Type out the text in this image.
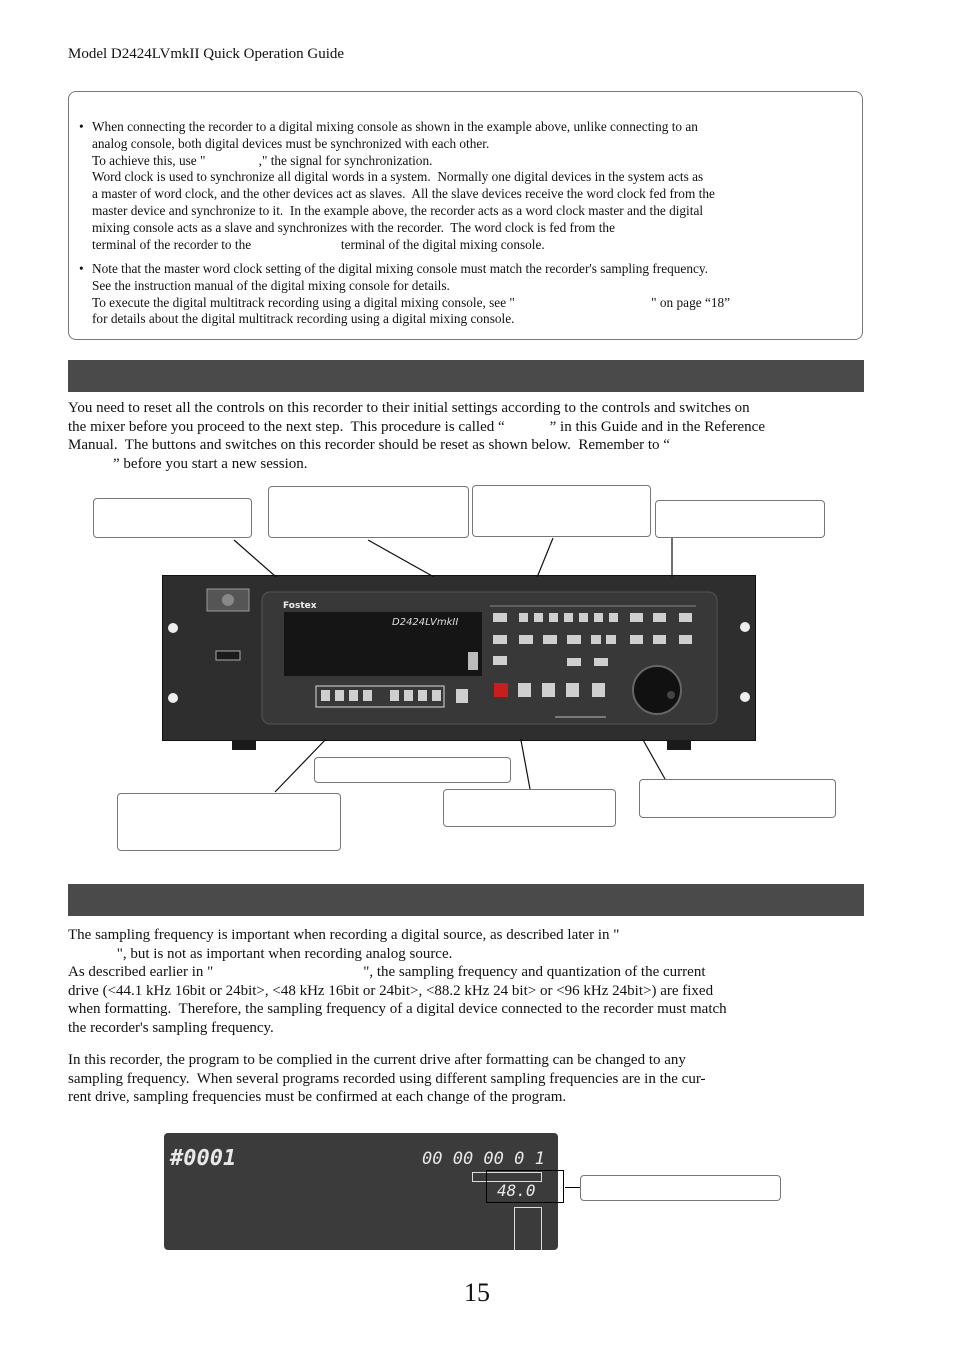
Model D2424LVmkII Quick Operation Guide
• When connecting the recorder to a digital mixing console as shown in the example above, unlike connecting to an
analog console, both digital devices must be synchronized with each other.
To achieve this, use "                ," the signal for synchronization.
Word clock is used to synchronize all digital words in a system.  Normally one digital devices in the system acts as
a master of word clock, and the other devices act as slaves.  All the slave devices receive the word clock fed from the
master device and synchronize to it.  In the example above, the recorder acts as a word clock master and the digital
mixing console acts as a slave and synchronizes with the recorder.  The word clock is fed from the
terminal of the recorder to the                           terminal of the digital mixing console.
• Note that the master word clock setting of the digital mixing console must match the recorder's sampling frequency.
See the instruction manual of the digital mixing console for details.
To execute the digital multitrack recording using a digital mixing console, see "                                         " on page “18”
for details about the digital multitrack recording using a digital mixing console.
You need to reset all the controls on this recorder to their initial settings according to the controls and switches on
the mixer before you proceed to the next step.  This procedure is called “            ” in this Guide and in the Reference
Manual.  The buttons and switches on this recorder should be reset as shown below.  Remember to “
” before you start a new session.
Fostex
D2424LVmkII
The sampling frequency is important when recording a digital source, as described later in "
", but is not as important when recording analog source.
As described earlier in "                                        ", the sampling frequency and quantization of the current
drive (<44.1 kHz 16bit or 24bit>, <48 kHz 16bit or 24bit>, <88.2 kHz 24 bit> or <96 kHz 24bit>) are fixed
when formatting.  Therefore, the sampling frequency of a digital device connected to the recorder must match
the recorder's sampling frequency.
In this recorder, the program to be complied in the current drive after formatting can be changed to any
sampling frequency.  When several programs recorded using different sampling frequencies are in the cur-
rent drive, sampling frequencies must be confirmed at each change of the program.
#0001	00 00 00 0 1
48.0
15
